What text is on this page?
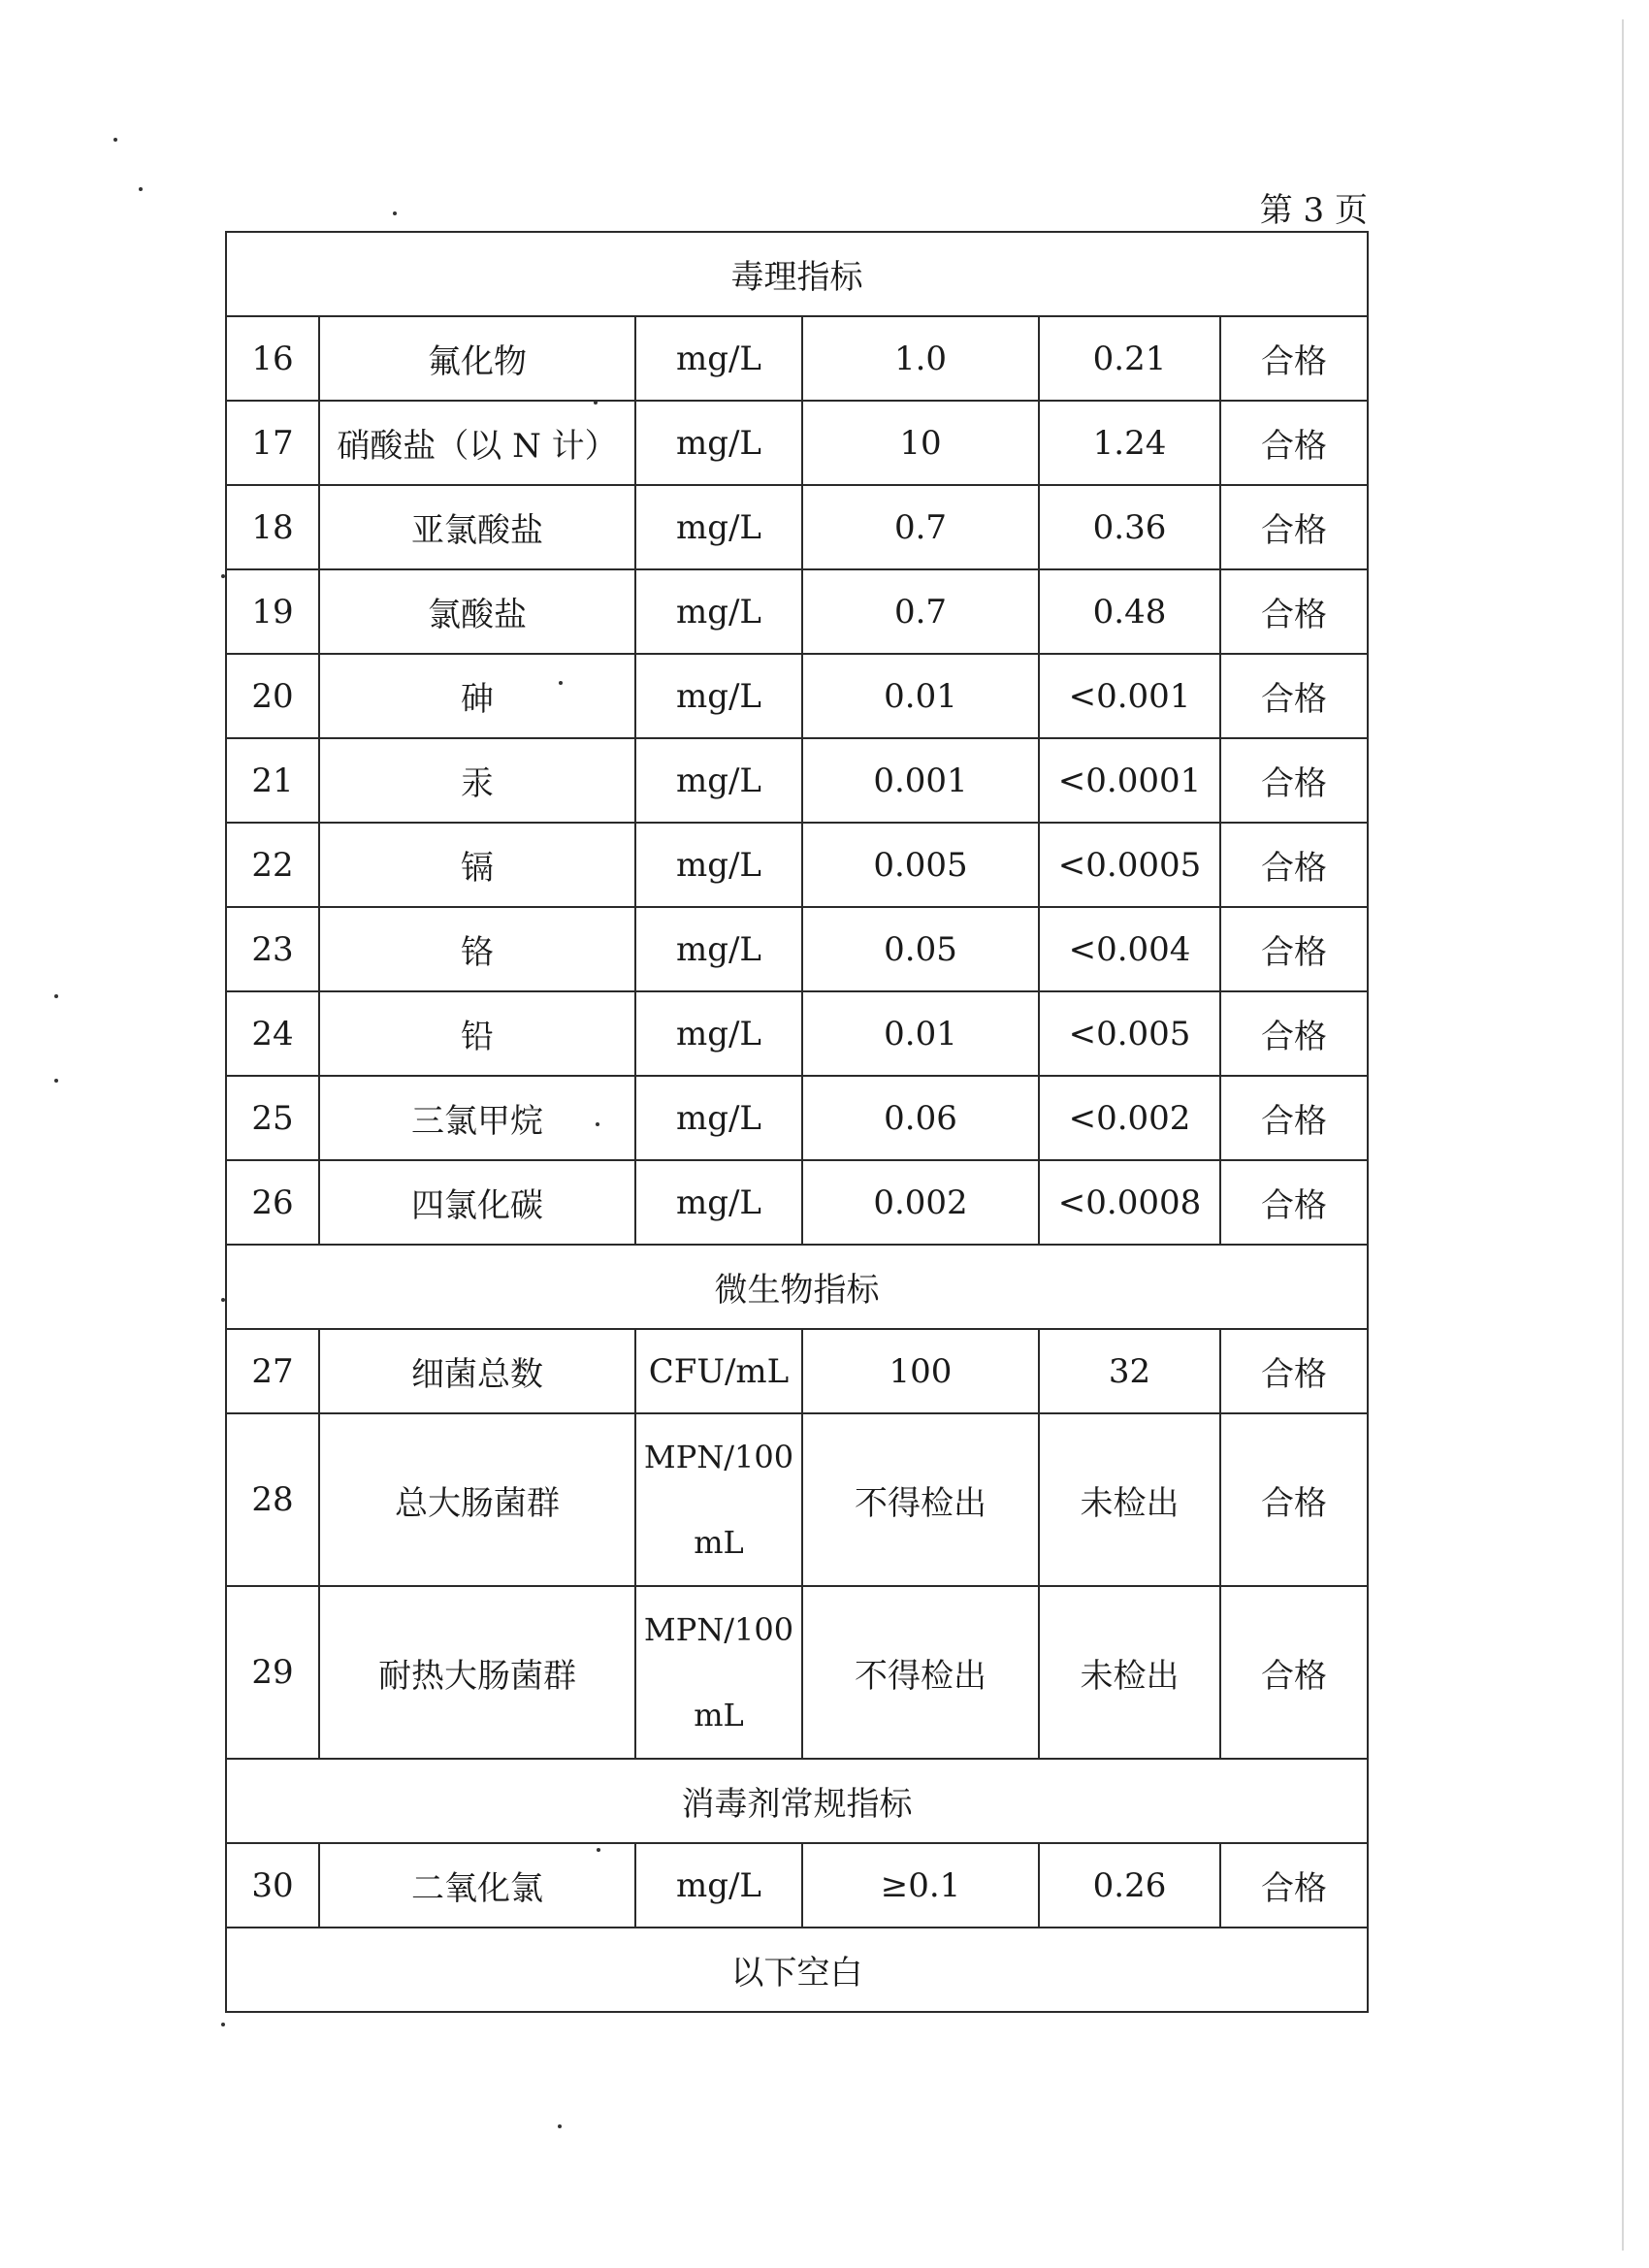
第 3 页
毒理指标					
16	氟化物	mg/L	1.0	0.21	合格
17	硝酸盐（以 N 计）	mg/L	10	1.24	合格
18	亚氯酸盐	mg/L	0.7	0.36	合格
19	氯酸盐	mg/L	0.7	0.48	合格
20	砷	mg/L	0.01	<0.001	合格
21	汞	mg/L	0.001	<0.0001	合格
22	镉	mg/L	0.005	<0.0005	合格
23	铬	mg/L	0.05	<0.004	合格
24	铅	mg/L	0.01	<0.005	合格
25	三氯甲烷	mg/L	0.06	<0.002	合格
26	四氯化碳	mg/L	0.002	<0.0008	合格
微生物指标					
27	细菌总数	CFU/mL	100	32	合格
28	总大肠菌群	MPN/100 mL	不得检出	未检出	合格
29	耐热大肠菌群	MPN/100 mL	不得检出	未检出	合格
消毒剂常规指标					
30	二氧化氯	mg/L	≥0.1	0.26	合格
以下空白					
